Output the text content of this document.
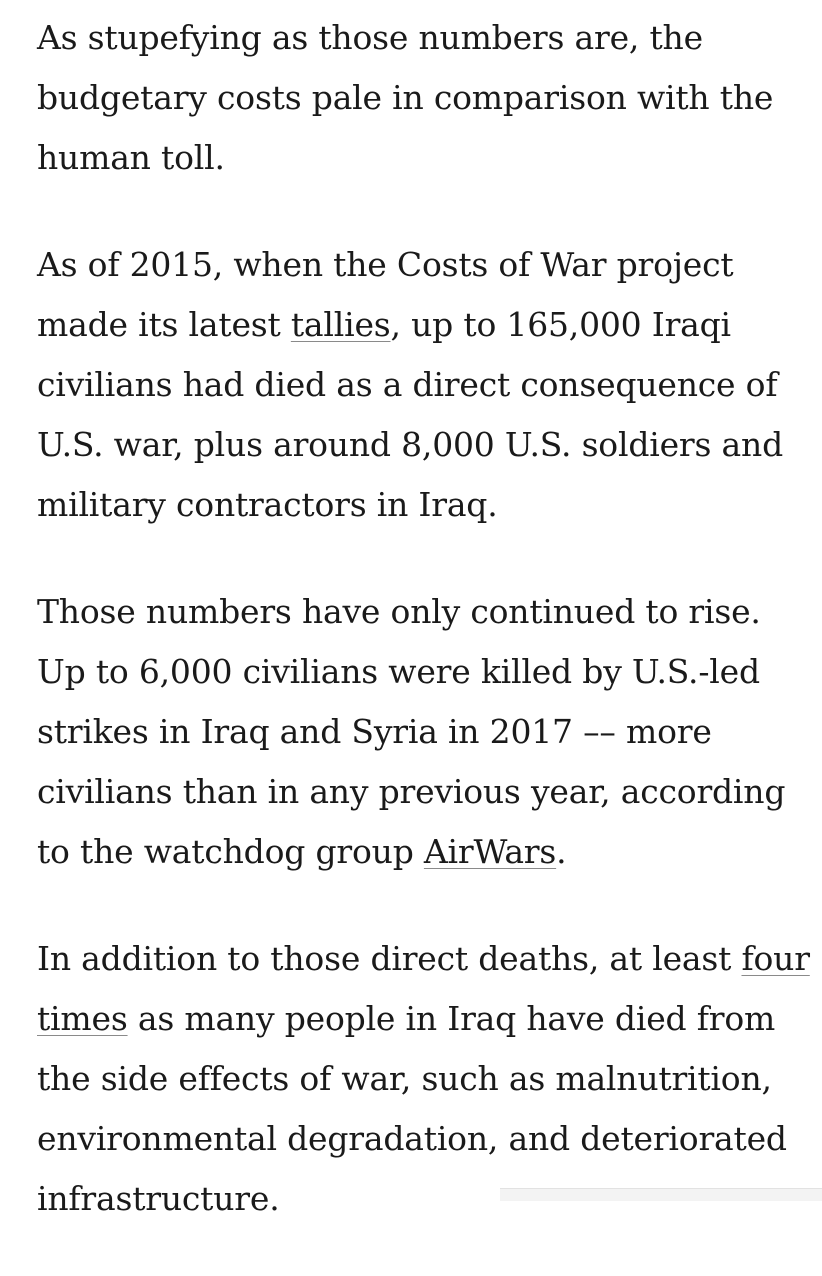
As stupefying as those numbers are, the budgetary costs pale in comparison with the human toll.

As of 2015, when the Costs of War project made its latest tallies, up to 165,000 Iraqi civilians had died as a direct consequence of U.S. war, plus around 8,000 U.S. soldiers and military contractors in Iraq.

Those numbers have only continued to rise. Up to 6,000 civilians were killed by U.S.-led strikes in Iraq and Syria in 2017 –– more civilians than in any previous year, according to the watchdog group AirWars.

In addition to those direct deaths, at least four times as many people in Iraq have died from the side effects of war, such as malnutrition, environmental degradation, and deteriorated infrastructure.
